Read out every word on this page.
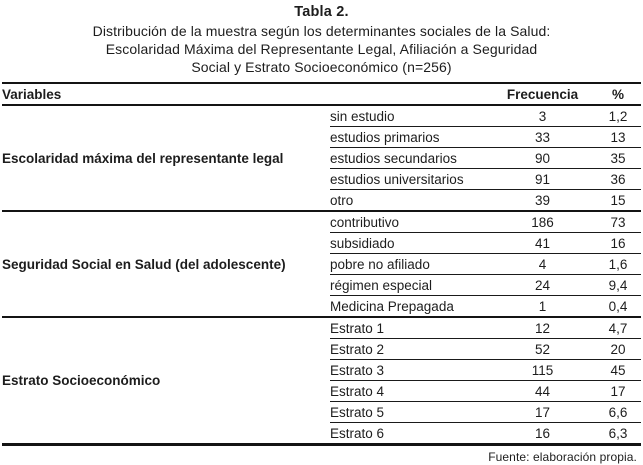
Tabla 2.
Distribución de la muestra según los determinantes sociales de la Salud:
Escolaridad Máxima del Representante Legal, Afiliación a Seguridad
Social y Estrato Socioeconómico (n=256)
Variables		Frecuencia	%
Escolaridad máxima del representante legal	sin estudio	3	1,2
	estudios primarios	33	13
	estudios secundarios	90	35
	estudios universitarios	91	36
	otro	39	15
Seguridad Social en Salud (del adolescente)	contributivo	186	73
	subsidiado	41	16
	pobre no afiliado	4	1,6
	régimen especial	24	9,4
	Medicina Prepagada	1	0,4
Estrato Socioeconómico	Estrato 1	12	4,7
	Estrato 2	52	20
	Estrato 3	115	45
	Estrato 4	44	17
	Estrato 5	17	6,6
	Estrato 6	16	6,3
Fuente: elaboración propia.
